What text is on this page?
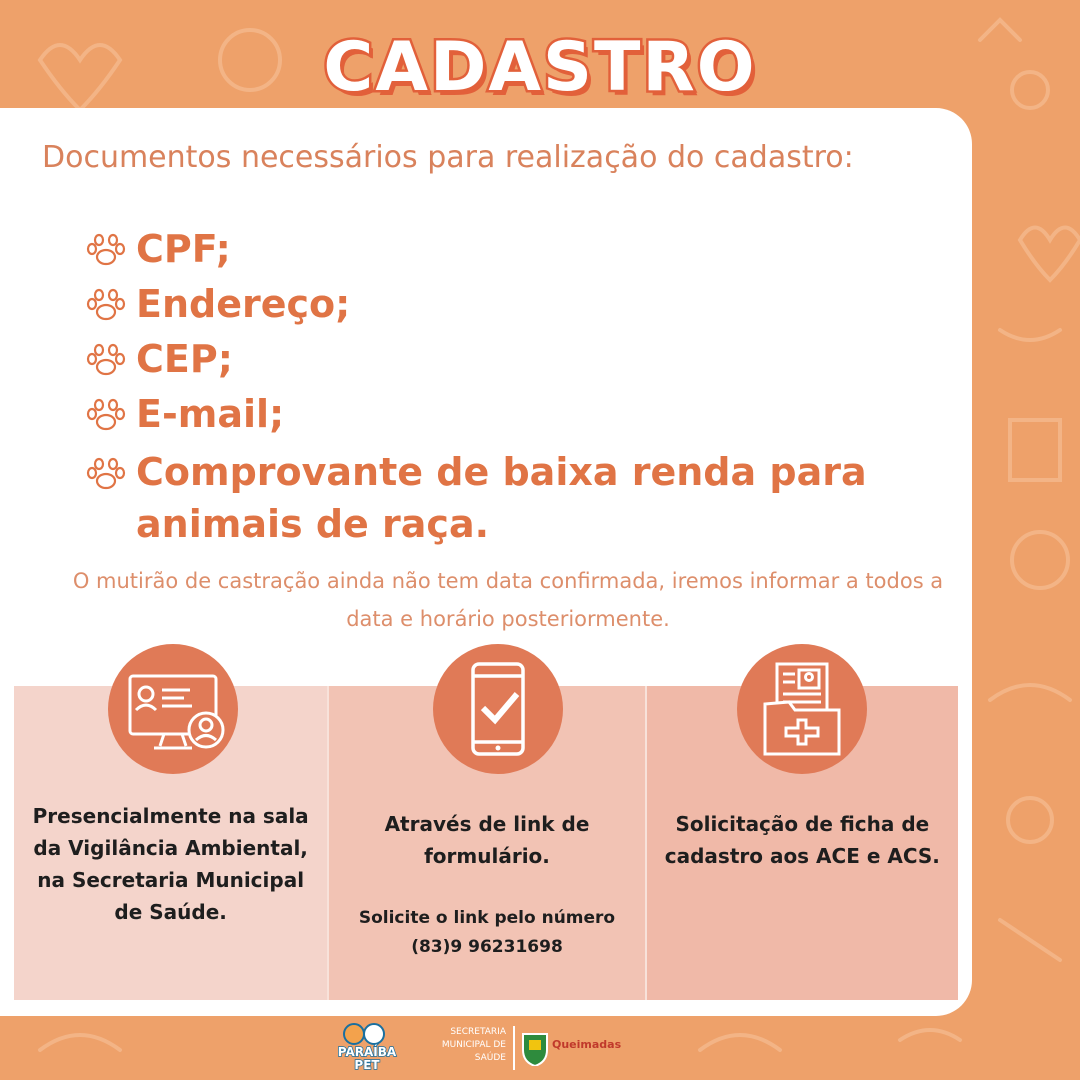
CADASTRO

Documentos necessários para realização do cadastro:

CPF;
Endereço;
CEP;
E-mail;
Comprovante de baixa renda para animais de raça.

O mutirão de castração ainda não tem data confirmada, iremos informar a todos a data e horário posteriormente.

Presencialmente na sala da Vigilância Ambiental, na Secretaria Municipal de Saúde.

Através de link de formulário.

Solicite o link pelo número (83)9 96231698

Solicitação de ficha de cadastro aos ACE e ACS.

PARAÍBA PET
SECRETARIA
MUNICIPAL DE
SAÚDE
Queimadas
